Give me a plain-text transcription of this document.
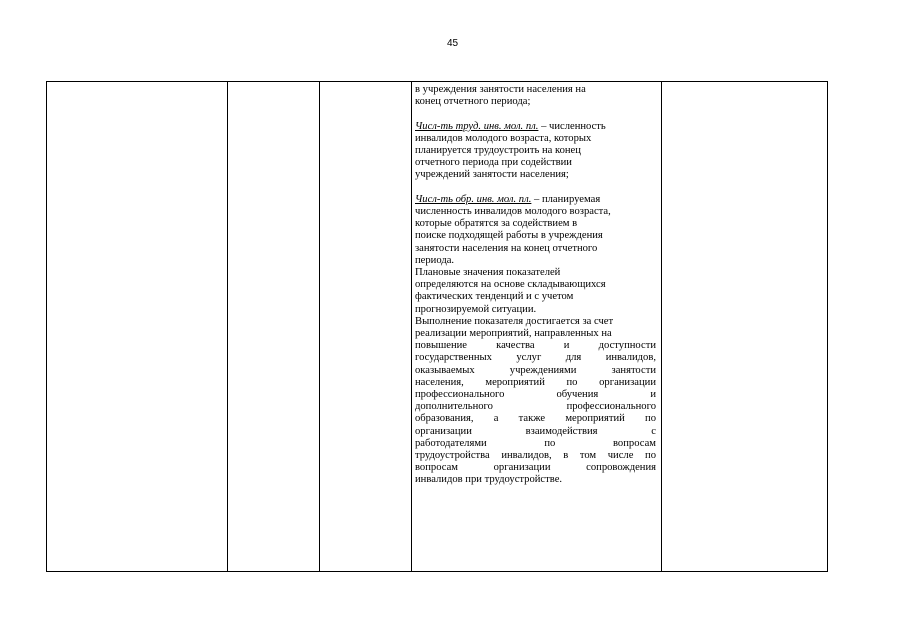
45

в учреждения занятости населения на

конец отчетного периода;

Числ-ть труд. инв. мол. пл. – численность

инвалидов молодого возраста, которых

планируется трудоустроить на конец

отчетного периода при содействии

учреждений занятости населения;

Числ-ть обр. инв. мол. пл. – планируемая

численность инвалидов молодого возраста,

которые обратятся за содействием в

поиске подходящей работы в учреждения

занятости населения на конец отчетного

периода.

Плановые значения показателей

определяются на основе складывающихся

фактических тенденций и с учетом

прогнозируемой ситуации.

Выполнение показателя достигается за счет

реализации мероприятий, направленных на

повышение качества и доступности

государственных услуг для инвалидов,

оказываемых учреждениями занятости

населения, мероприятий по организации

профессионального обучения и

дополнительного профессионального

образования, а также мероприятий по

организации взаимодействия с

работодателями по вопросам

трудоустройства инвалидов, в том числе по

вопросам организации сопровождения

инвалидов при трудоустройстве.
